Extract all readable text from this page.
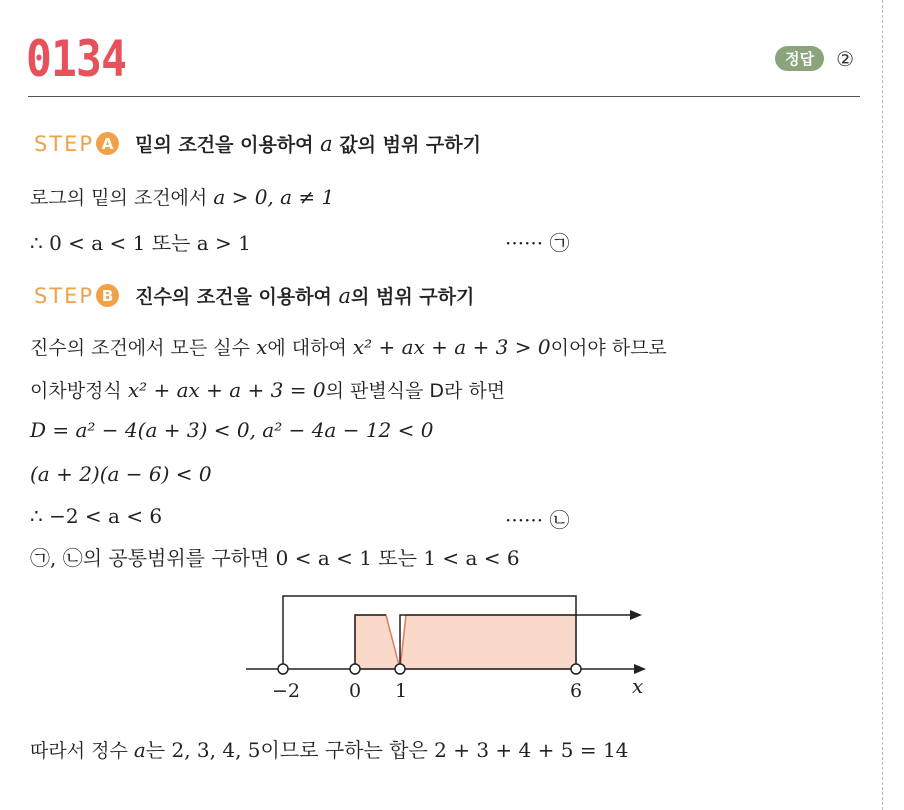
0134	정답	②
STEP A	밑의 조건을 이용하여 a 값의 범위 구하기
로그의 밑의 조건에서 a > 0, a ≠ 1
∴ 0 < a < 1 또는 a > 1	······ ㉠
STEP B	진수의 조건을 이용하여 a의 범위 구하기
진수의 조건에서 모든 실수 x에 대하여 x² + ax + a + 3 > 0이어야 하므로
이차방정식 x² + ax + a + 3 = 0의 판별식을 D라 하면
D = a² − 4(a + 3) < 0, a² − 4a − 12 < 0
(a + 2)(a − 6) < 0
∴ −2 < a < 6	······ ㉡
㉠, ㉡의 공통범위를 구하면 0 < a < 1 또는 1 < a < 6
−2	0 1	6 x
따라서 정수 a는 2, 3, 4, 5이므로 구하는 합은 2 + 3 + 4 + 5 = 14
